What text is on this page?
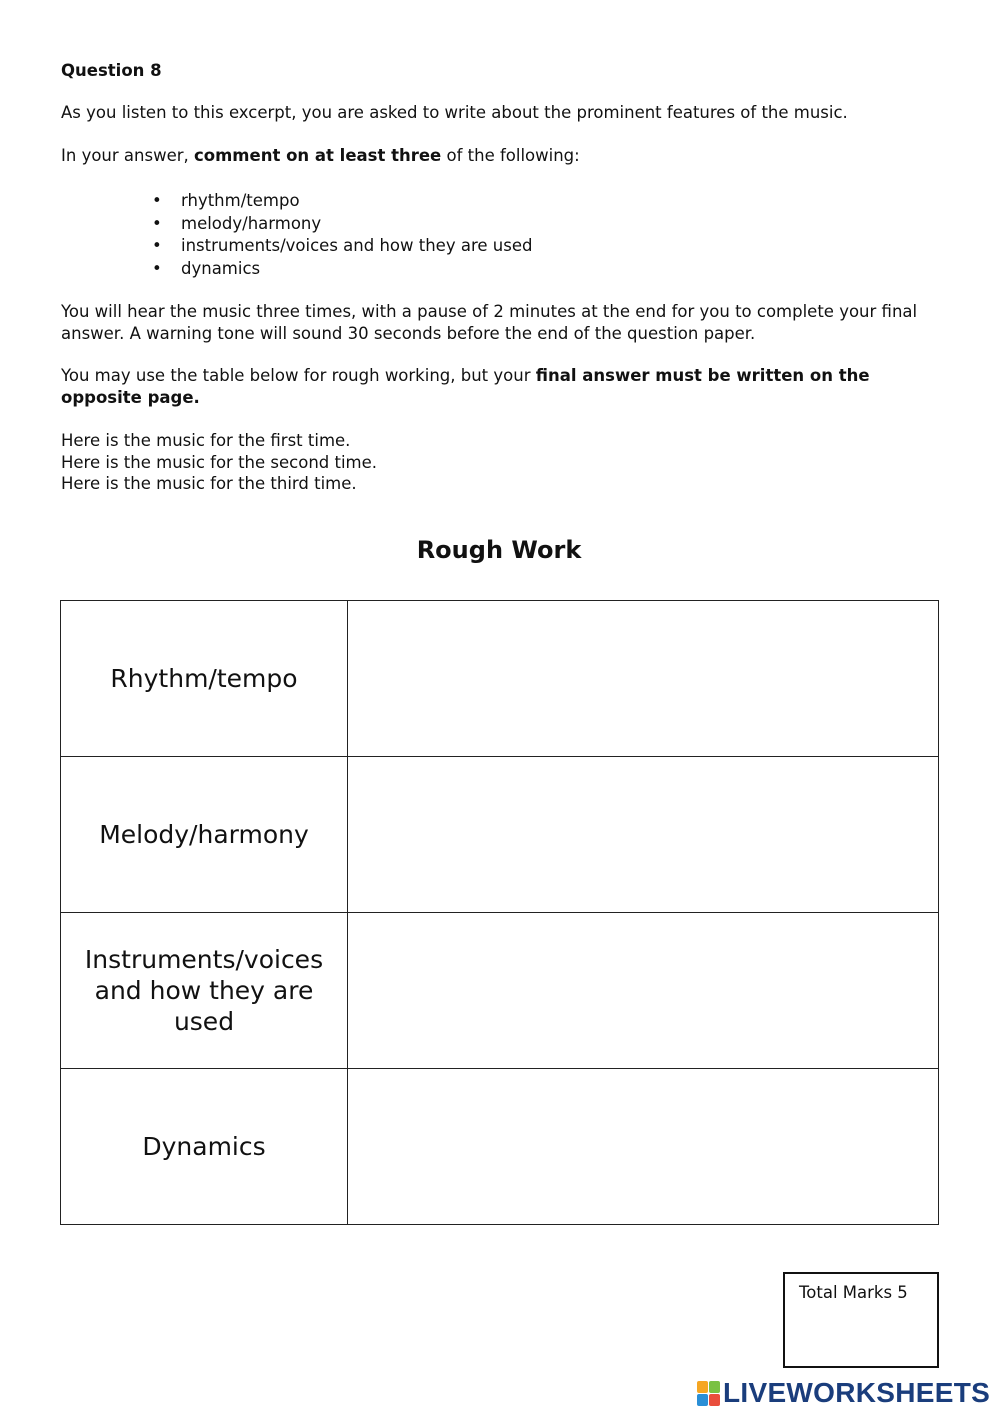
Question 8
As you listen to this excerpt, you are asked to write about the prominent features of the music.
In your answer, comment on at least three of the following:
• rhythm/tempo
• melody/harmony
• instruments/voices and how they are used
• dynamics
You will hear the music three times, with a pause of 2 minutes at the end for you to complete your final answer. A warning tone will sound 30 seconds before the end of the question paper.
You may use the table below for rough working, but your final answer must be written on the opposite page.
Here is the music for the first time.
Here is the music for the second time.
Here is the music for the third time.
Rough Work
Rhythm/tempo	
Melody/harmony	
Instruments/voices and how they are used	
Dynamics	
Total Marks 5
LIVEWORKSHEETS
